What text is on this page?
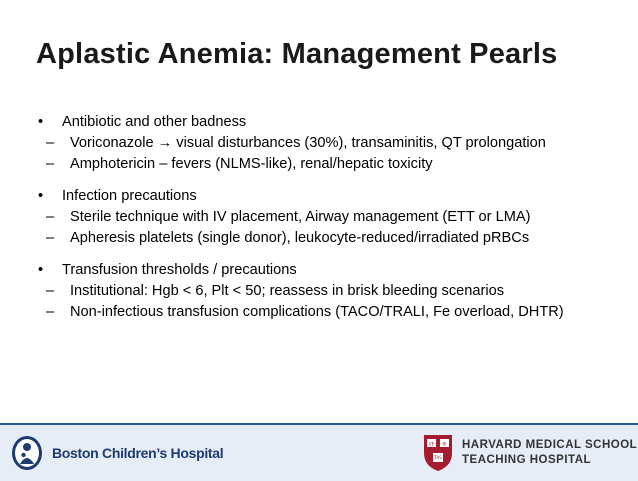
Aplastic Anemia: Management Pearls
• Antibiotic and other badness
– Voriconazole → visual disturbances (30%), transaminitis, QT prolongation
– Amphotericin – fevers (NLMS-like), renal/hepatic toxicity
• Infection precautions
– Sterile technique with IV placement, Airway management (ETT or LMA)
– Apheresis platelets (single donor), leukocyte-reduced/irradiated pRBCs
• Transfusion thresholds / precautions
– Institutional: Hgb < 6, Plt < 50; reassess in brisk bleeding scenarios
– Non-infectious transfusion complications (TACO/TRALI, Fe overload, DHTR)
Boston Children’s Hospital
VE RI
TAS
HARVARD MEDICAL SCHOOL
TEACHING HOSPITAL
